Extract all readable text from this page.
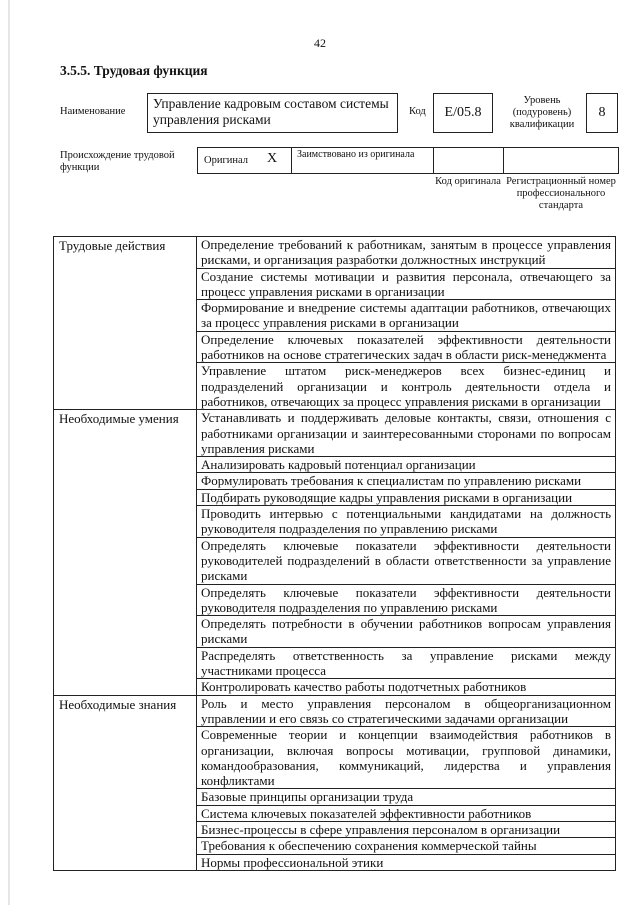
42
3.5.5. Трудовая функция
Наименование
Управление кадровым составом системы управления рисками
Код	E/05.8
Уровень (подуровень) квалификации
8
Происхождение трудовой функции
Оригинал X Заимствовано из оригинала
Код оригинала Регистрационный номер профессионального стандарта
Трудовые действия	Определение требований к работникам, занятым в процессе управления рисками, и организация разработки должностных инструкций
	Создание системы мотивации и развития персонала, отвечающего за процесс управления рисками в организации
	Формирование и внедрение системы адаптации работников, отвечающих за процесс управления рисками в организации
	Определение ключевых показателей эффективности деятельности работников на основе стратегических задач в области риск-менеджмента
	Управление штатом риск-менеджеров всех бизнес-единиц и подразделений организации и контроль деятельности отдела и работников, отвечающих за процесс управления рисками в организации
Необходимые умения	Устанавливать и поддерживать деловые контакты, связи, отношения с работниками организации и заинтересованными сторонами по вопросам управления рисками
	Анализировать кадровый потенциал организации
	Формулировать требования к специалистам по управлению рисками
	Подбирать руководящие кадры управления рисками в организации
	Проводить интервью с потенциальными кандидатами на должность руководителя подразделения по управлению рисками
	Определять ключевые показатели эффективности деятельности руководителей подразделений в области ответственности за управление рисками
	Определять ключевые показатели эффективности деятельности руководителя подразделения по управлению рисками
	Определять потребности в обучении работников вопросам управления рисками
	Распределять ответственность за управление рисками между участниками процесса
	Контролировать качество работы подотчетных работников
Необходимые знания	Роль и место управления персоналом в общеорганизационном управлении и его связь со стратегическими задачами организации
	Современные теории и концепции взаимодействия работников в организации, включая вопросы мотивации, групповой динамики, командообразования, коммуникаций, лидерства и управления конфликтами
	Базовые принципы организации труда
	Система ключевых показателей эффективности работников
	Бизнес-процессы в сфере управления персоналом в организации
	Требования к обеспечению сохранения коммерческой тайны
	Нормы профессиональной этики
